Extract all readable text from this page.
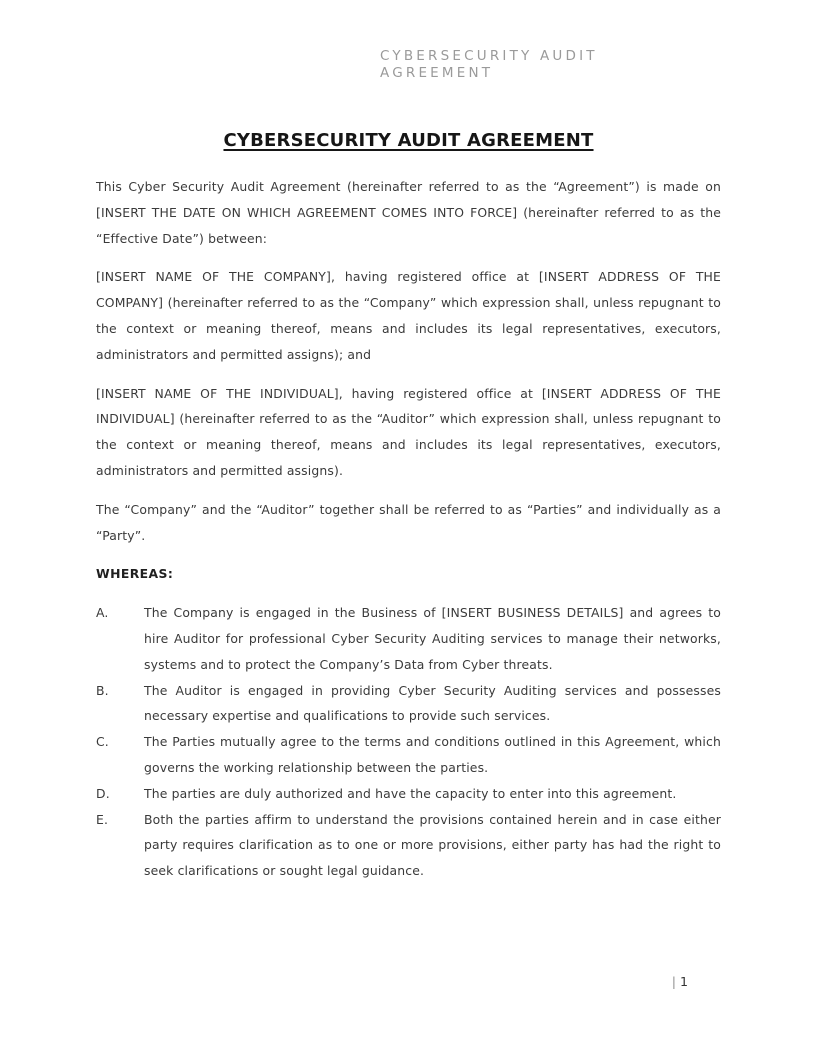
CYBERSECURITY AUDIT AGREEMENT
CYBERSECURITY AUDIT AGREEMENT

This Cyber Security Audit Agreement (hereinafter referred to as the “Agreement”) is made on [INSERT THE DATE ON WHICH AGREEMENT COMES INTO FORCE] (hereinafter referred to as the “Effective Date”) between:

[INSERT NAME OF THE COMPANY], having registered office at [INSERT ADDRESS OF THE COMPANY] (hereinafter referred to as the “Company” which expression shall, unless repugnant to the context or meaning thereof, means and includes its legal representatives, executors, administrators and permitted assigns); and

[INSERT NAME OF THE INDIVIDUAL], having registered office at [INSERT ADDRESS OF THE INDIVIDUAL] (hereinafter referred to as the “Auditor” which expression shall, unless repugnant to the context or meaning thereof, means and includes its legal representatives, executors, administrators and permitted assigns).

The “Company” and the “Auditor” together shall be referred to as “Parties” and individually as a “Party”.

WHEREAS:

A.	The Company is engaged in the Business of [INSERT BUSINESS DETAILS] and agrees to hire Auditor for professional Cyber Security Auditing services to manage their networks, systems and to protect the Company’s Data from Cyber threats.
B.	The Auditor is engaged in providing Cyber Security Auditing services and possesses necessary expertise and qualifications to provide such services.
C.	The Parties mutually agree to the terms and conditions outlined in this Agreement, which governs the working relationship between the parties.
D.	The parties are duly authorized and have the capacity to enter into this agreement.
E.	Both the parties affirm to understand the provisions contained herein and in case either party requires clarification as to one or more provisions, either party has had the right to seek clarifications or sought legal guidance.
| 1
